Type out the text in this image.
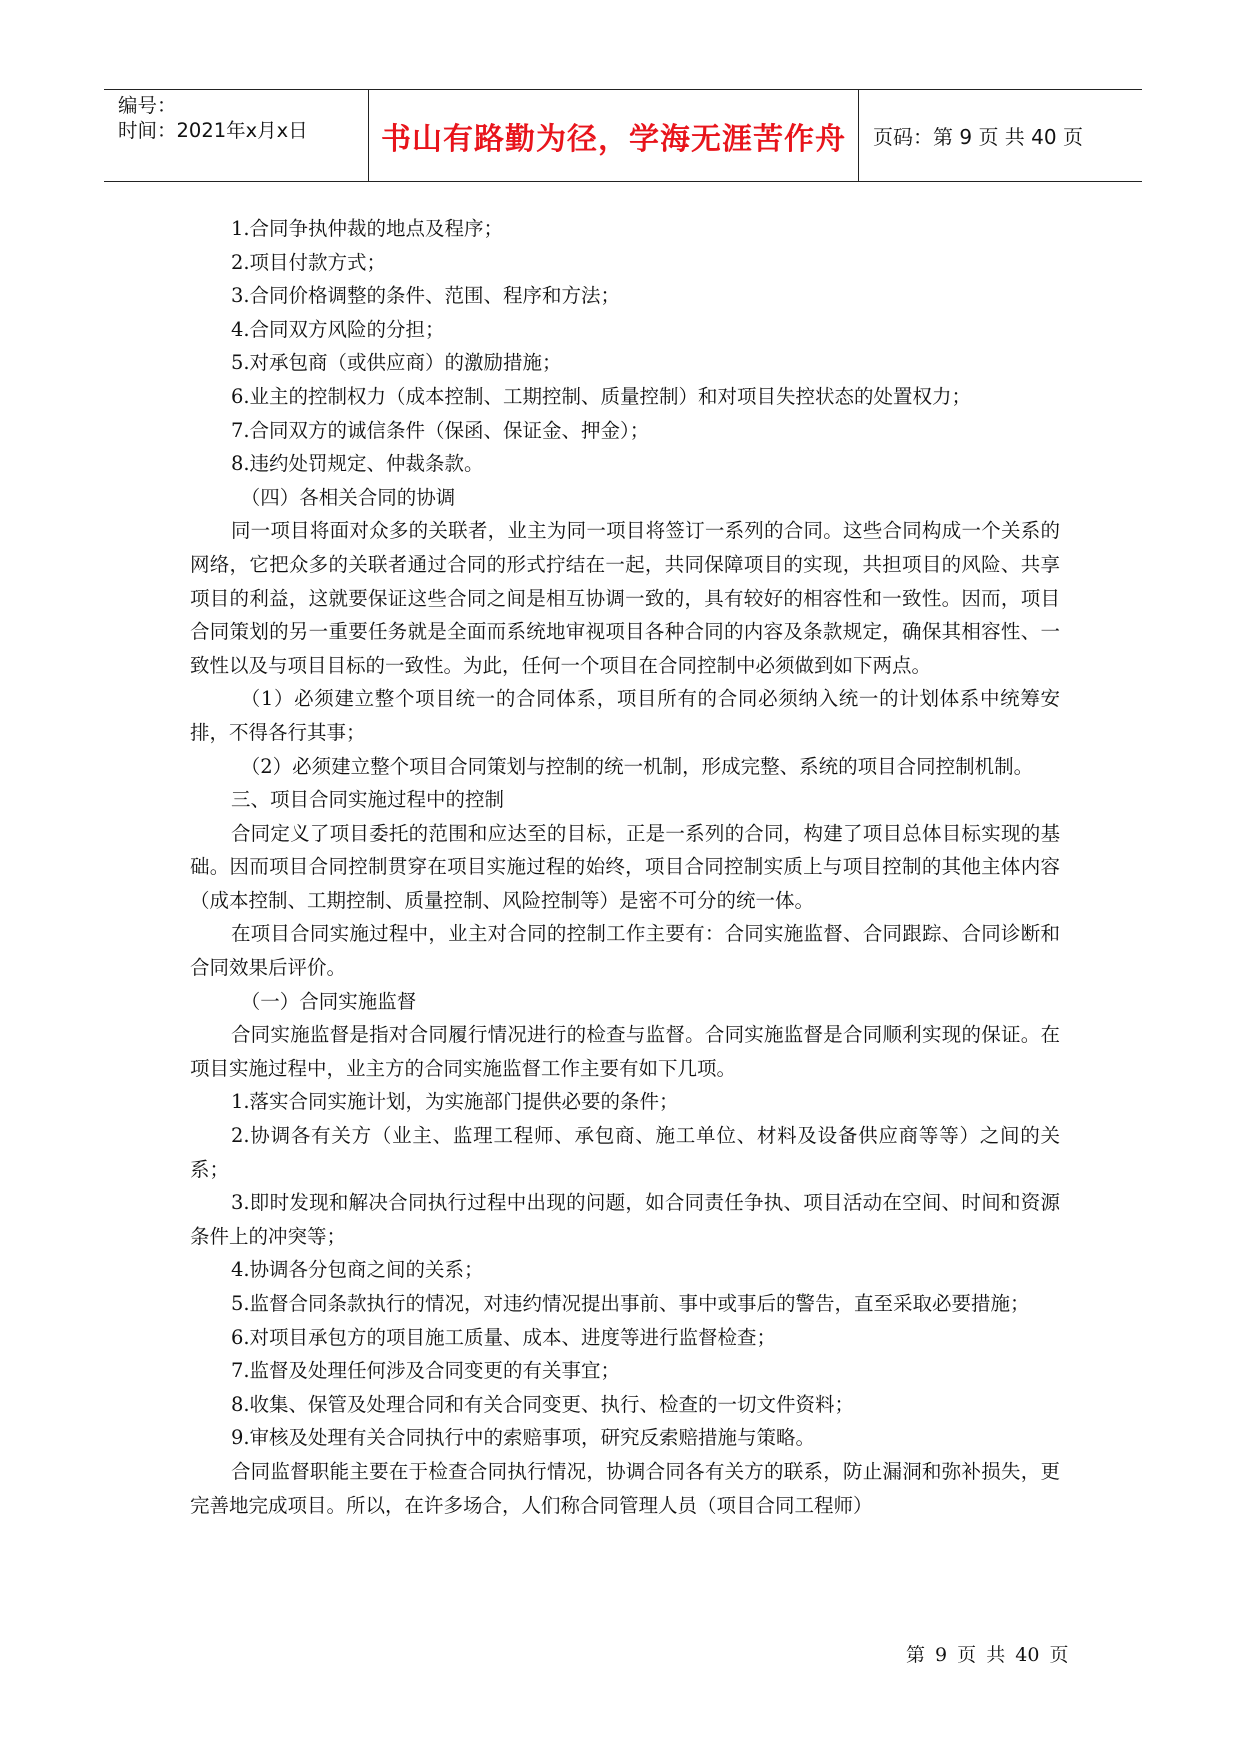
编号：
时间：2021年x月x日	书山有路勤为径，学海无涯苦作舟 页码：第 9 页 共 40 页

1.合同争执仲裁的地点及程序；

2.项目付款方式；

3.合同价格调整的条件、范围、程序和方法；

4.合同双方风险的分担；

5.对承包商（或供应商）的激励措施；

6.业主的控制权力（成本控制、工期控制、质量控制）和对项目失控状态的处置权力；

7.合同双方的诚信条件（保函、保证金、押金）；

8.违约处罚规定、仲裁条款。

（四）各相关合同的协调

同一项目将面对众多的关联者，业主为同一项目将签订一系列的合同。这些合同构成一个关系的网络，它把众多的关联者通过合同的形式拧结在一起，共同保障项目的实现，共担项目的风险、共享项目的利益，这就要保证这些合同之间是相互协调一致的，具有较好的相容性和一致性。因而，项目合同策划的另一重要任务就是全面而系统地审视项目各种合同的内容及条款规定，确保其相容性、一致性以及与项目目标的一致性。为此，任何一个项目在合同控制中必须做到如下两点。

（1）必须建立整个项目统一的合同体系，项目所有的合同必须纳入统一的计划体系中统筹安排，不得各行其事；

（2）必须建立整个项目合同策划与控制的统一机制，形成完整、系统的项目合同控制机制。

三、项目合同实施过程中的控制

合同定义了项目委托的范围和应达至的目标，正是一系列的合同，构建了项目总体目标实现的基础。因而项目合同控制贯穿在项目实施过程的始终，项目合同控制实质上与项目控制的其他主体内容（成本控制、工期控制、质量控制、风险控制等）是密不可分的统一体。

在项目合同实施过程中，业主对合同的控制工作主要有：合同实施监督、合同跟踪、合同诊断和合同效果后评价。

（一）合同实施监督

合同实施监督是指对合同履行情况进行的检查与监督。合同实施监督是合同顺利实现的保证。在项目实施过程中，业主方的合同实施监督工作主要有如下几项。

1.落实合同实施计划，为实施部门提供必要的条件；

2.协调各有关方（业主、监理工程师、承包商、施工单位、材料及设备供应商等等）之间的关系；

3.即时发现和解决合同执行过程中出现的问题，如合同责任争执、项目活动在空间、时间和资源条件上的冲突等；

4.协调各分包商之间的关系；

5.监督合同条款执行的情况，对违约情况提出事前、事中或事后的警告，直至采取必要措施；

6.对项目承包方的项目施工质量、成本、进度等进行监督检查；

7.监督及处理任何涉及合同变更的有关事宜；

8.收集、保管及处理合同和有关合同变更、执行、检查的一切文件资料；

9.审核及处理有关合同执行中的索赔事项，研究反索赔措施与策略。

合同监督职能主要在于检查合同执行情况，协调合同各有关方的联系，防止漏洞和弥补损失，更完善地完成项目。所以，在许多场合，人们称合同管理人员（项目合同工程师）

第 9 页 共 40 页
